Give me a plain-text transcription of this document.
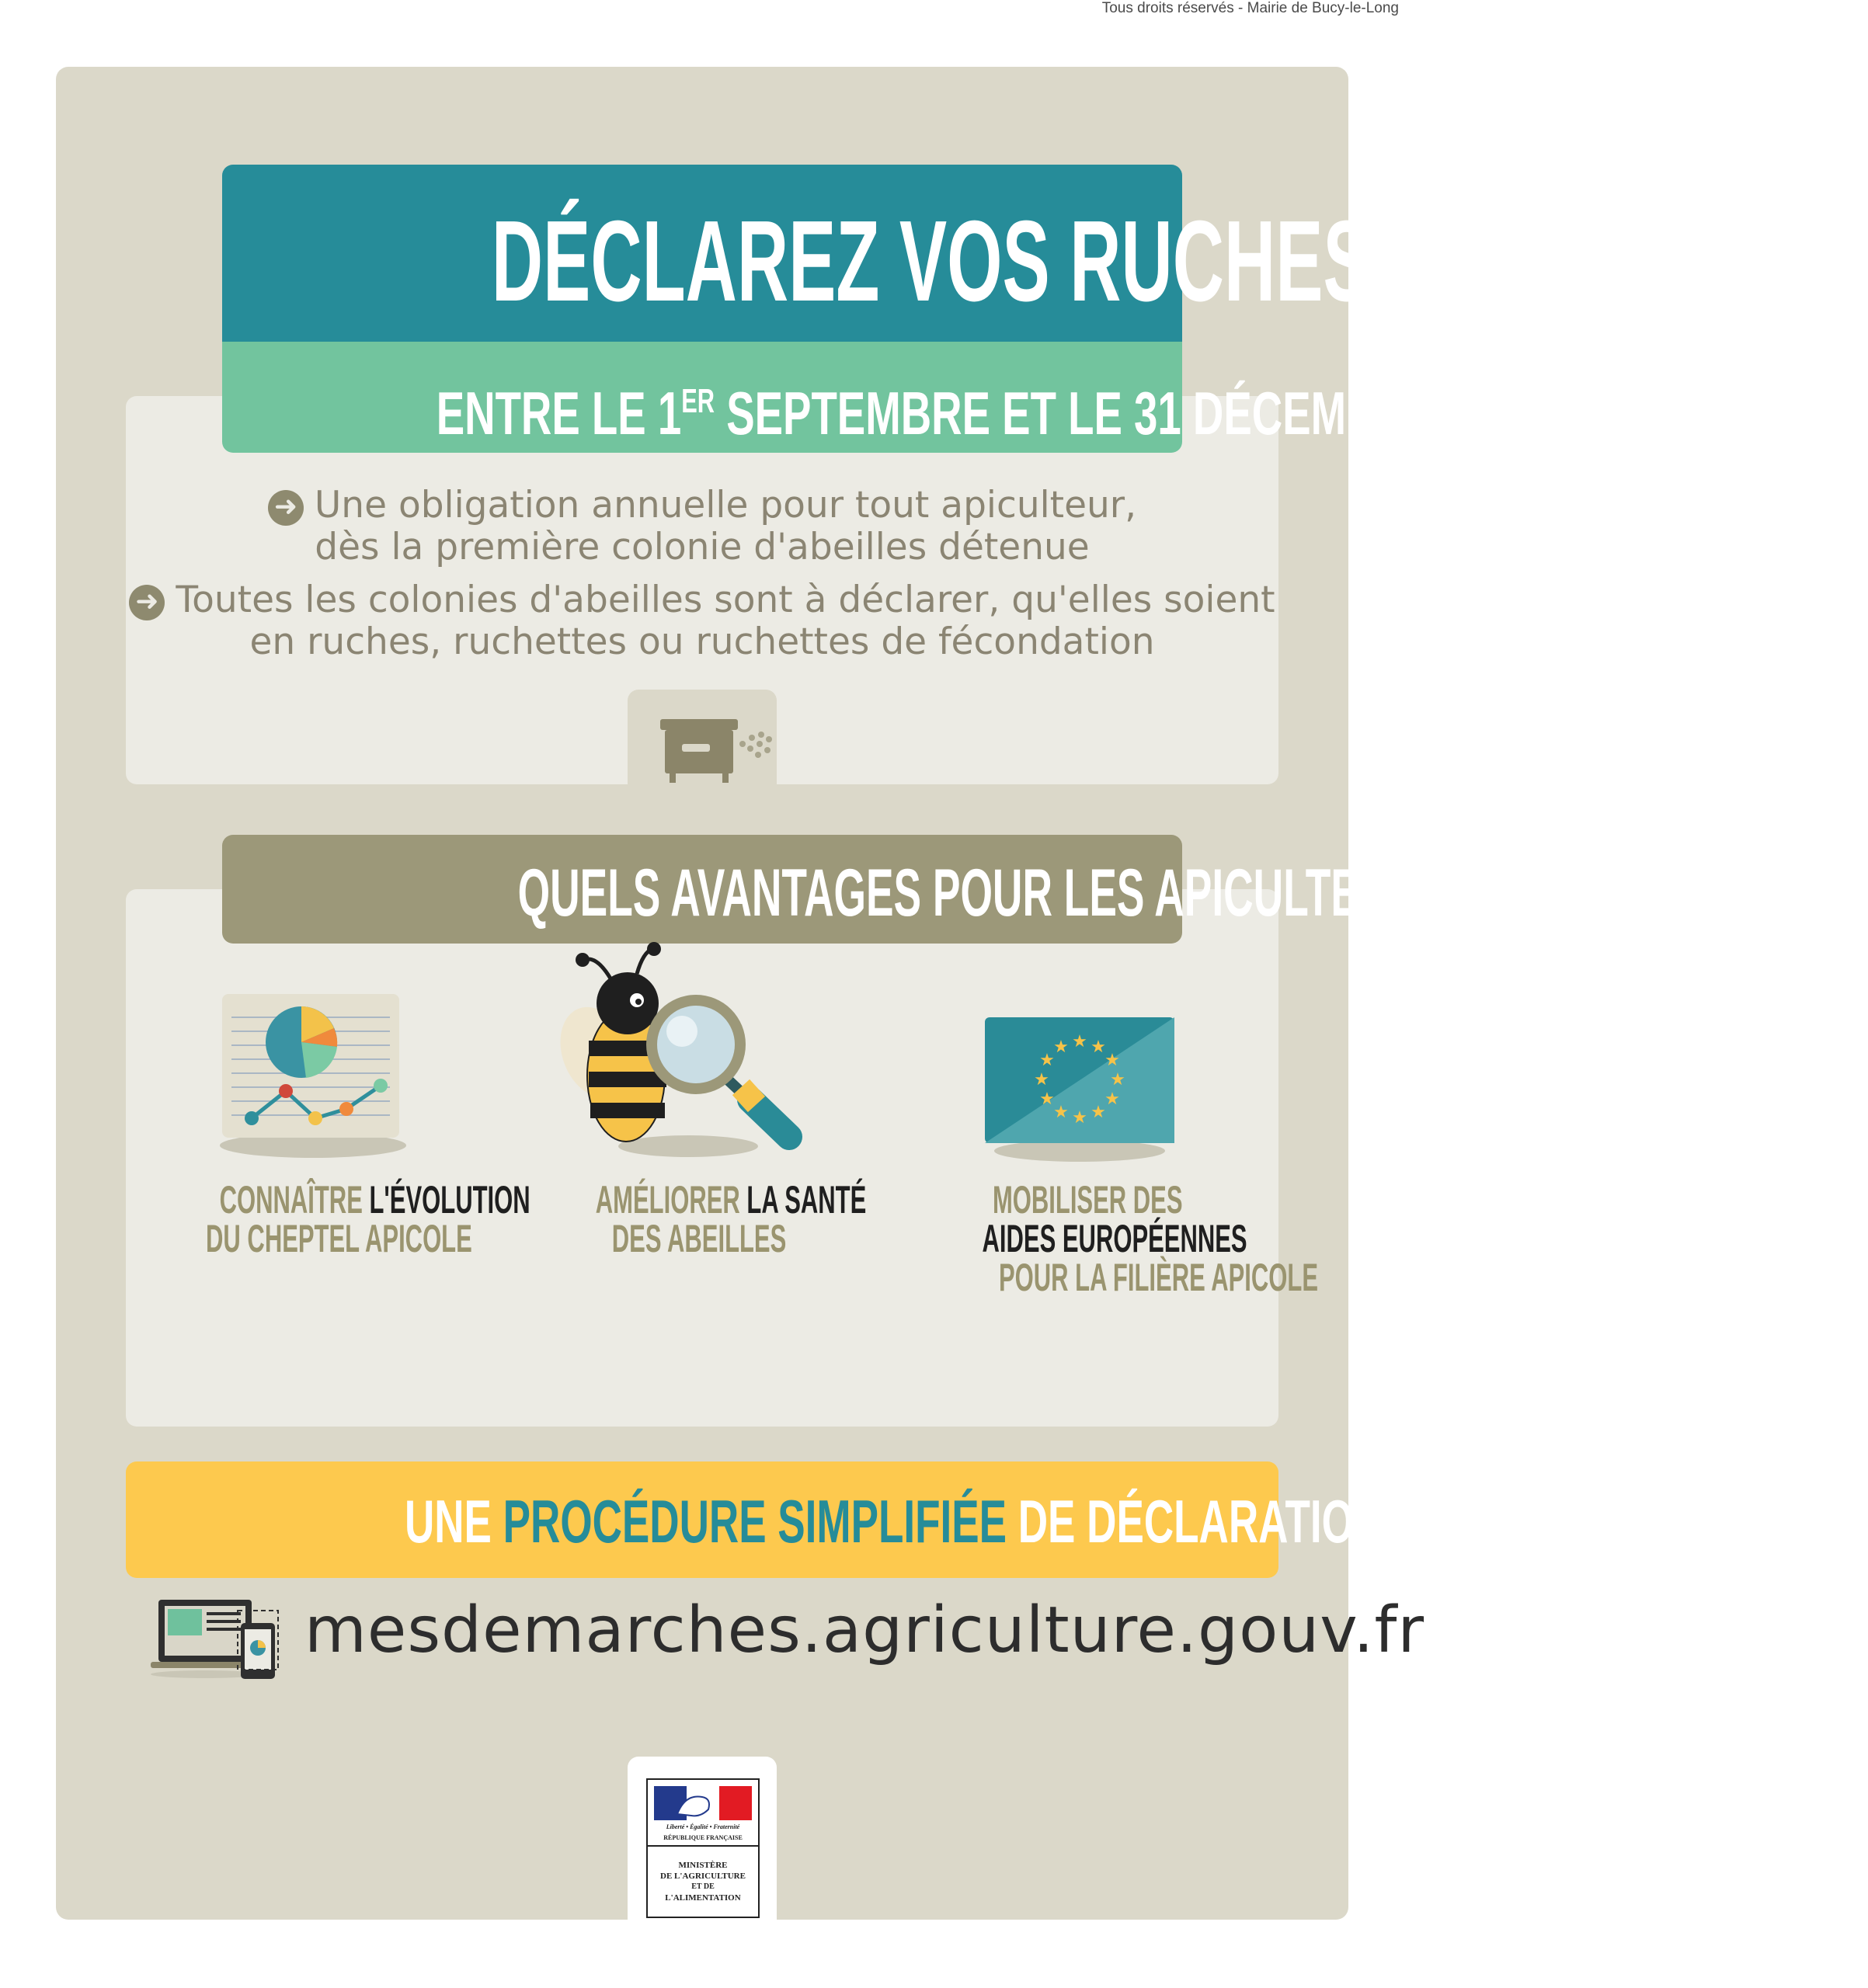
Tous droits réservés - Mairie de Bucy-le-Long
DÉCLAREZ VOS RUCHES
ENTRE LE 1ER SEPTEMBRE ET LE 31 DÉCEMBRE
➜ Une obligation annuelle pour tout apiculteur,
dès la première colonie d'abeilles détenue
➜ Toutes les colonies d'abeilles sont à déclarer, qu'elles soient
en ruches, ruchettes ou ruchettes de fécondation
QUELS AVANTAGES POUR LES APICULTEURS ?
★ ★
★
★
★
★
★
★
★
★
★
★
CONNAÎTRE L'ÉVOLUTION
DU CHEPTEL APICOLE
AMÉLIORER LA SANTÉ
DES ABEILLES
MOBILISER DES
AIDES EUROPÉENNES
POUR LA FILIÈRE APICOLE
UNE PROCÉDURE SIMPLIFIÉE DE DÉCLARATION EN LIGNE
mesdemarches.agriculture.gouv.fr
Liberté • Égalité • Fraternité
RÉPUBLIQUE FRANÇAISE
MINISTÈRE
DE L'AGRICULTURE
ET DE
L'ALIMENTATION
